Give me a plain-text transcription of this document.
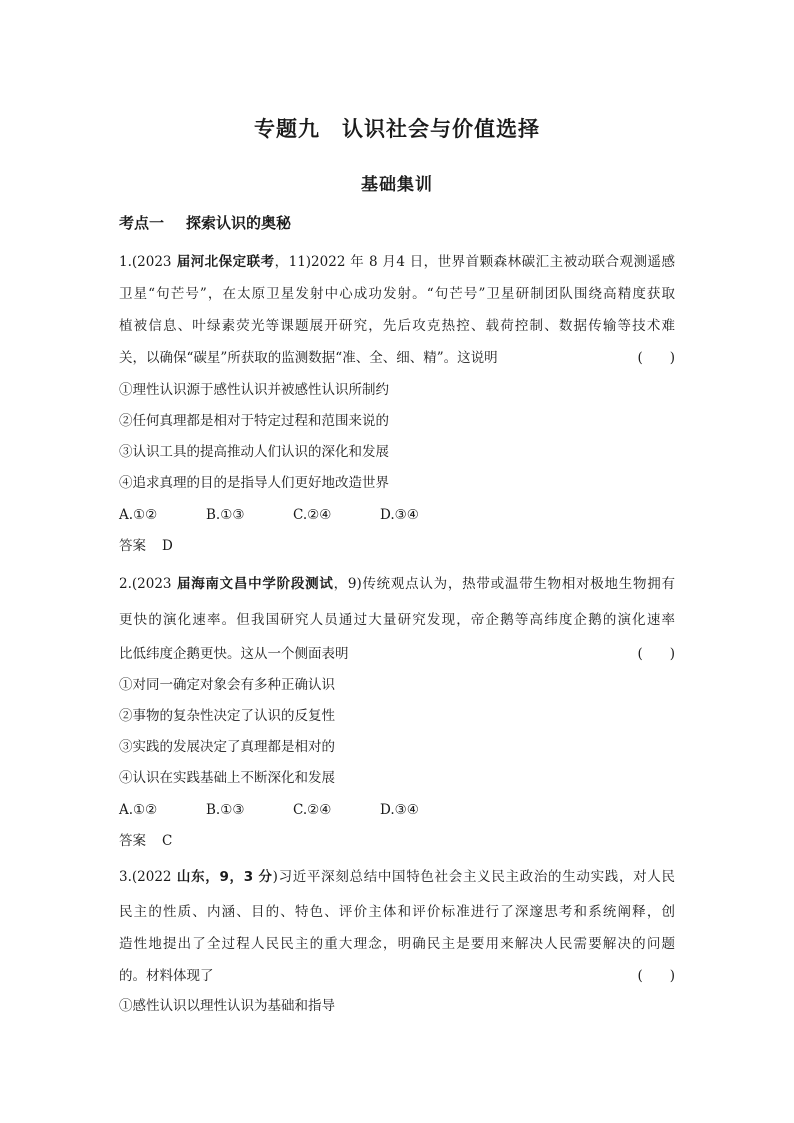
专题九　认识社会与价值选择
基础集训
考点一 探索认识的奥秘
1.(2023 届河北保定联考，11)2022 年 8 月4 日，世界首颗森林碳汇主被动联合观测遥感
卫星“句芒号”，在太原卫星发射中心成功发射。“句芒号”卫星研制团队围绕高精度获取
植被信息、叶绿素荧光等课题展开研究，先后攻克热控、载荷控制、数据传输等技术难
关，以确保“碳星”所获取的监测数据“准、全、细、精”。这说明	(　　)
①理性认识源于感性认识并被感性认识所制约
②任何真理都是相对于特定过程和范围来说的
③认识工具的提高推动人们认识的深化和发展
④追求真理的目的是指导人们更好地改造世界
A.①②	B.①③	C.②④	D.③④
答案 D
2.(2023 届海南文昌中学阶段测试，9)传统观点认为，热带或温带生物相对极地生物拥有
更快的演化速率。但我国研究人员通过大量研究发现，帝企鹅等高纬度企鹅的演化速率
比低纬度企鹅更快。这从一个侧面表明	(　　)
①对同一确定对象会有多种正确认识
②事物的复杂性决定了认识的反复性
③实践的发展决定了真理都是相对的
④认识在实践基础上不断深化和发展
A.①②	B.①③	C.②④	D.③④
答案 C
3.(2022 山东，9，3 分)习近平深刻总结中国特色社会主义民主政治的生动实践，对人民
民主的性质、内涵、目的、特色、评价主体和评价标准进行了深邃思考和系统阐释，创
造性地提出了全过程人民民主的重大理念，明确民主是要用来解决人民需要解决的问题
的。材料体现了	(　　)
①感性认识以理性认识为基础和指导
